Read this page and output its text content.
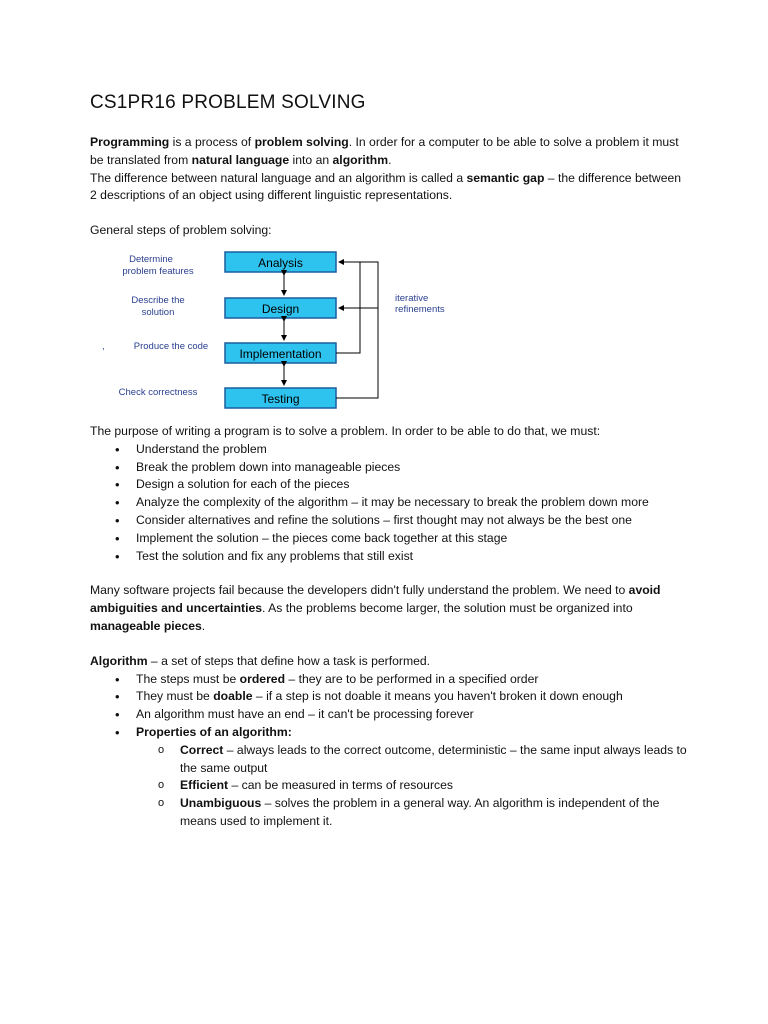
CS1PR16 PROBLEM SOLVING

Programming is a process of problem solving. In order for a computer to be able to solve a problem it must be translated from natural language into an algorithm.

The difference between natural language and an algorithm is called a semantic gap – the difference between 2 descriptions of an object using different linguistic representations.

General steps of problem solving:

Determine
problem features
Describe the
solution
Produce the code
Check correctness
,
Analysis
Design
Implementation
Testing
iterative
refinements

The purpose of writing a program is to solve a problem. In order to be able to do that, we must:

• Understand the problem
• Break the problem down into manageable pieces
• Design a solution for each of the pieces
• Analyze the complexity of the algorithm – it may be necessary to break the problem down more
• Consider alternatives and refine the solutions – first thought may not always be the best one
• Implement the solution – the pieces come back together at this stage
• Test the solution and fix any problems that still exist

Many software projects fail because the developers didn't fully understand the problem. We need to avoid ambiguities and uncertainties. As the problems become larger, the solution must be organized into manageable pieces.

Algorithm – a set of steps that define how a task is performed.

• The steps must be ordered – they are to be performed in a specified order
• They must be doable – if a step is not doable it means you haven't broken it down enough
• An algorithm must have an end – it can't be processing forever
• Properties of an algorithm:
o Correct – always leads to the correct outcome, deterministic – the same input always leads to the same output
o Efficient – can be measured in terms of resources
o Unambiguous – solves the problem in a general way. An algorithm is independent of the means used to implement it.
